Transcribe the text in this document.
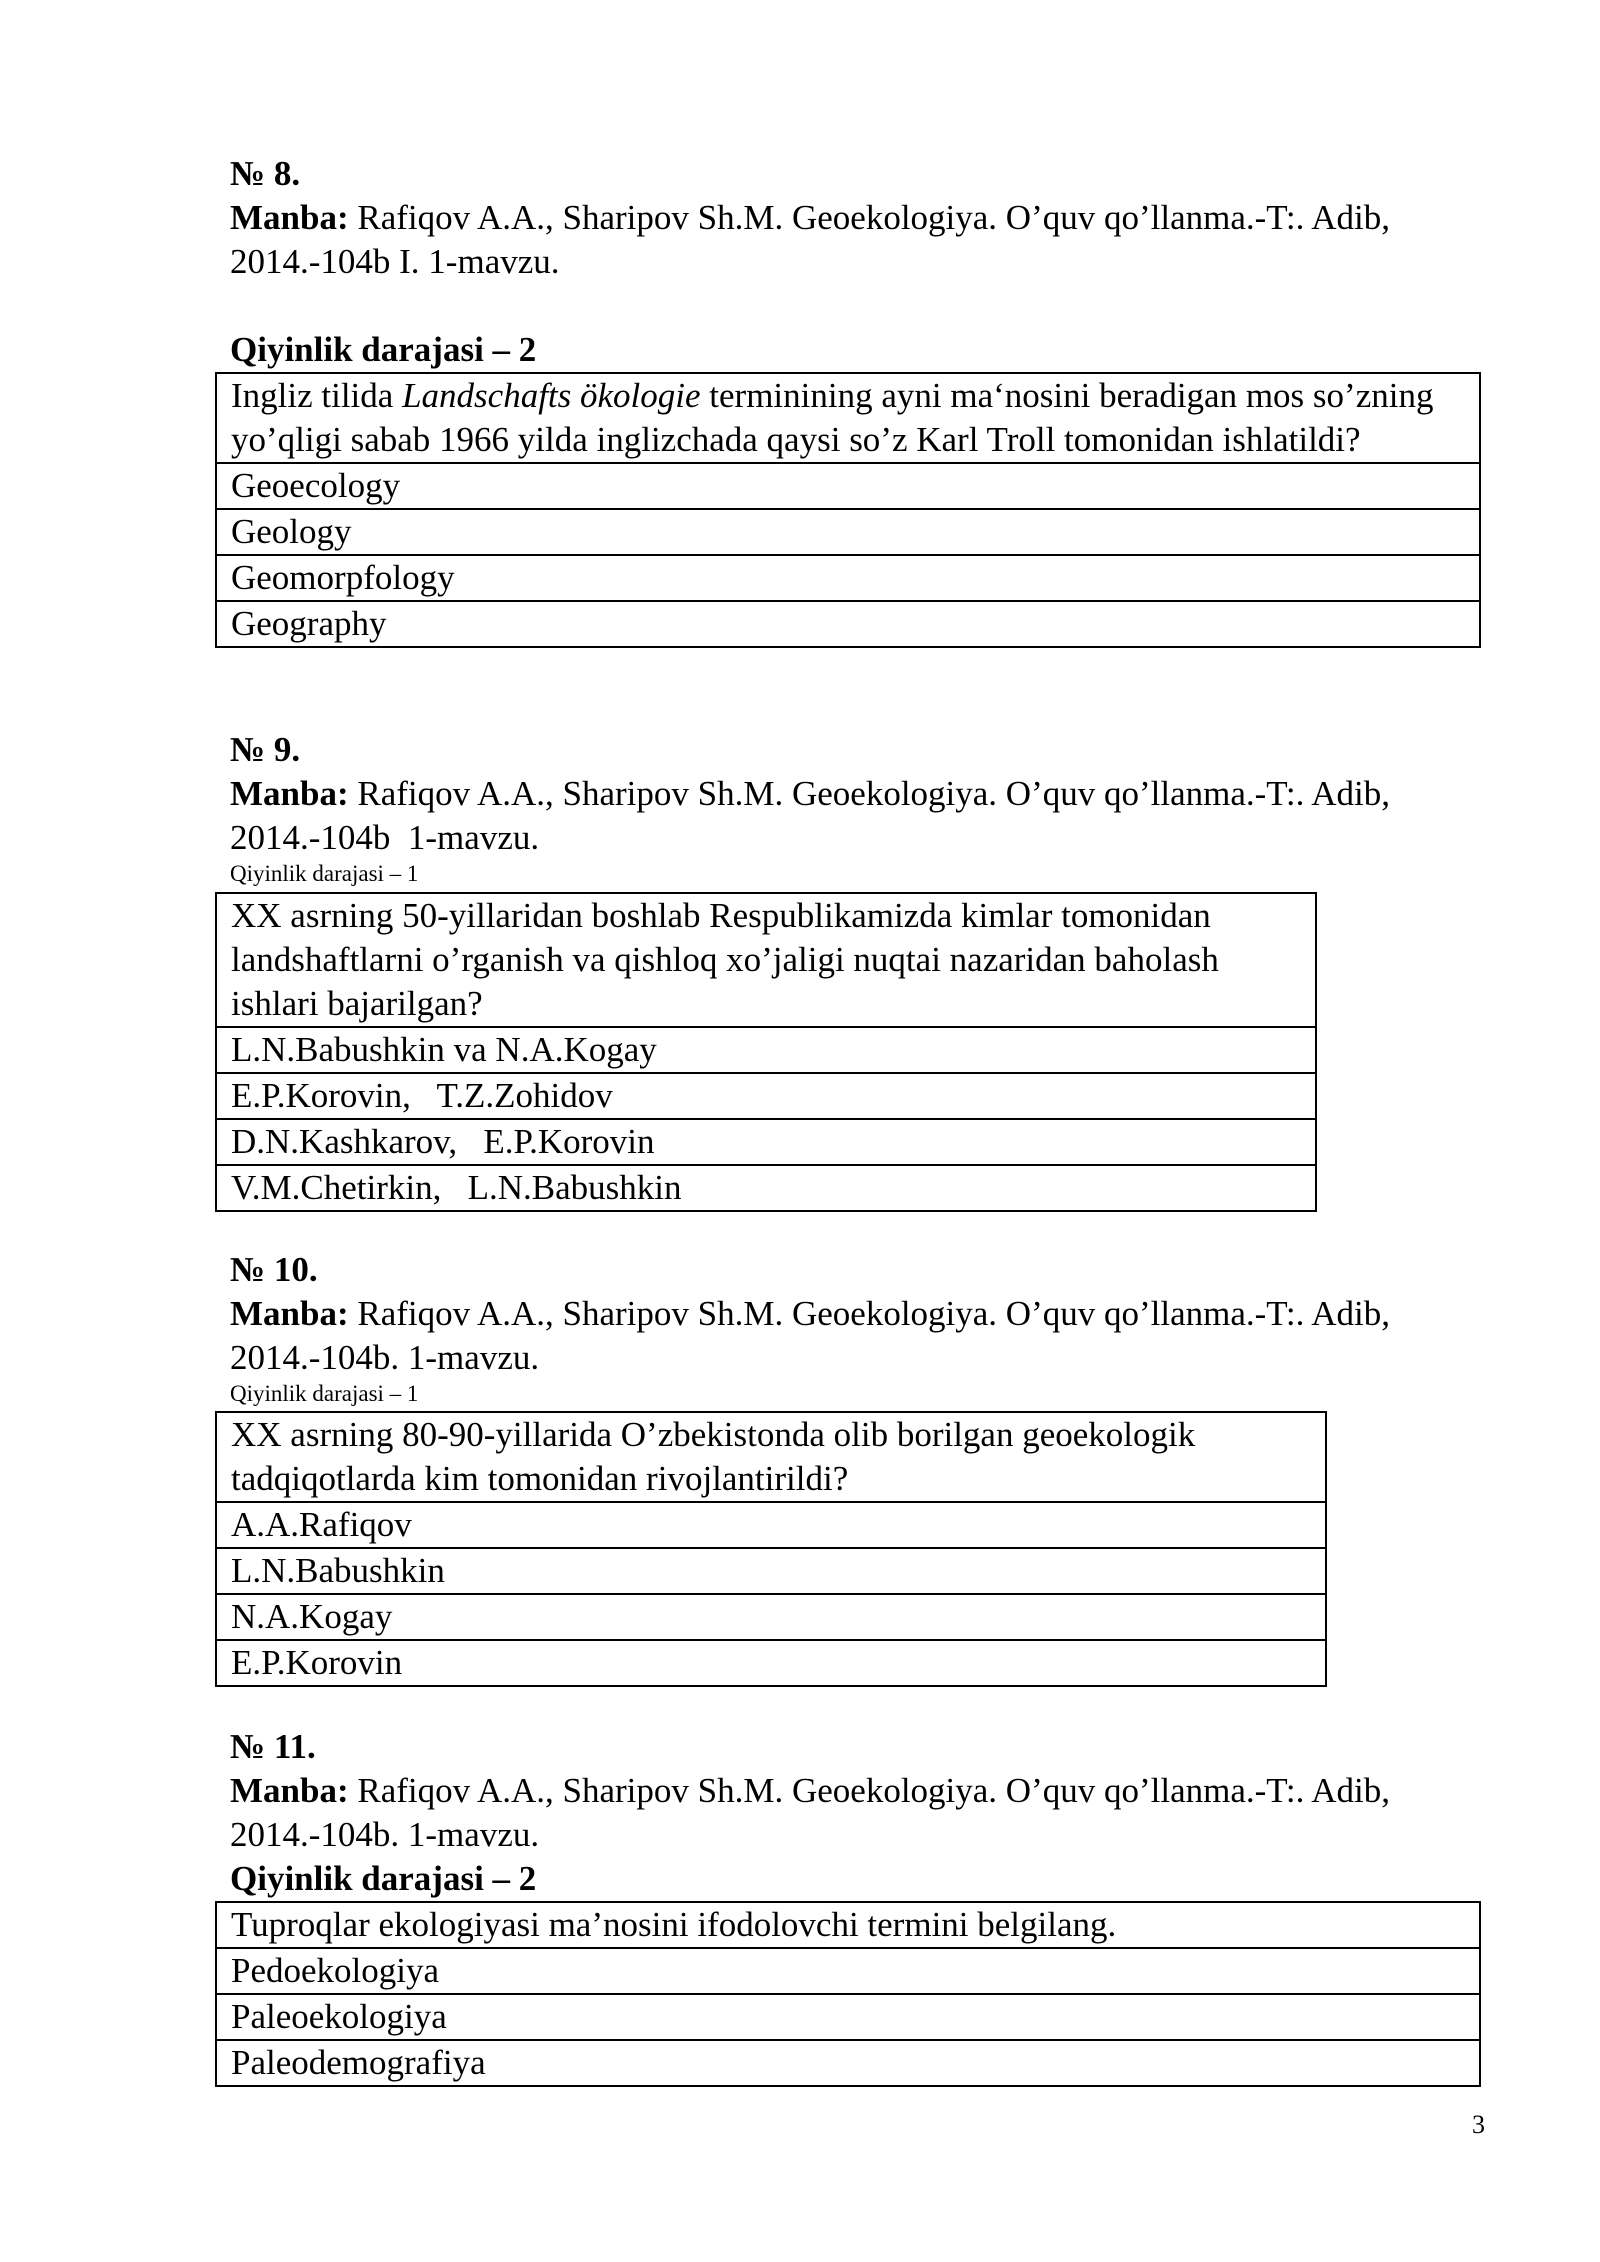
№ 8.
Manba: Rafiqov A.A., Sharipov Sh.M. Geoekologiya. O’quv qo’llanma.-T:. Adib,
2014.-104b I. 1-mavzu.
Qiyinlik darajasi – 2
Ingliz tilida Landschafts ökologie terminining ayni ma‘nosini beradigan mos so’zning yo’qligi sabab 1966 yilda inglizchada qaysi so’z Karl Troll tomonidan ishlatildi?
Geoecology
Geology
Geomorpfology
Geography
№ 9.
Manba: Rafiqov A.A., Sharipov Sh.M. Geoekologiya. O’quv qo’llanma.-T:. Adib,
2014.-104b  1-mavzu.
Qiyinlik darajasi – 1
XX asrning 50-yillaridan boshlab Respublikamizda kimlar tomonidan landshaftlarni o’rganish va qishloq xo’jaligi nuqtai nazaridan baholash ishlari bajarilgan?
L.N.Babushkin va N.A.Kogay
E.P.Korovin,   T.Z.Zohidov
D.N.Kashkarov,   E.P.Korovin
V.M.Chetirkin,   L.N.Babushkin
№ 10.
Manba: Rafiqov A.A., Sharipov Sh.M. Geoekologiya. O’quv qo’llanma.-T:. Adib,
2014.-104b. 1-mavzu.
Qiyinlik darajasi – 1
XX asrning 80-90-yillarida O’zbekistonda olib borilgan geoekologik tadqiqotlarda kim tomonidan rivojlantirildi?
A.A.Rafiqov
L.N.Babushkin
N.A.Kogay
E.P.Korovin
№ 11.
Manba: Rafiqov A.A., Sharipov Sh.M. Geoekologiya. O’quv qo’llanma.-T:. Adib,
2014.-104b. 1-mavzu.
Qiyinlik darajasi – 2
Tuproqlar ekologiyasi ma’nosini ifodolovchi termini belgilang.
Pedoekologiya
Paleoekologiya
Paleodemografiya
3
